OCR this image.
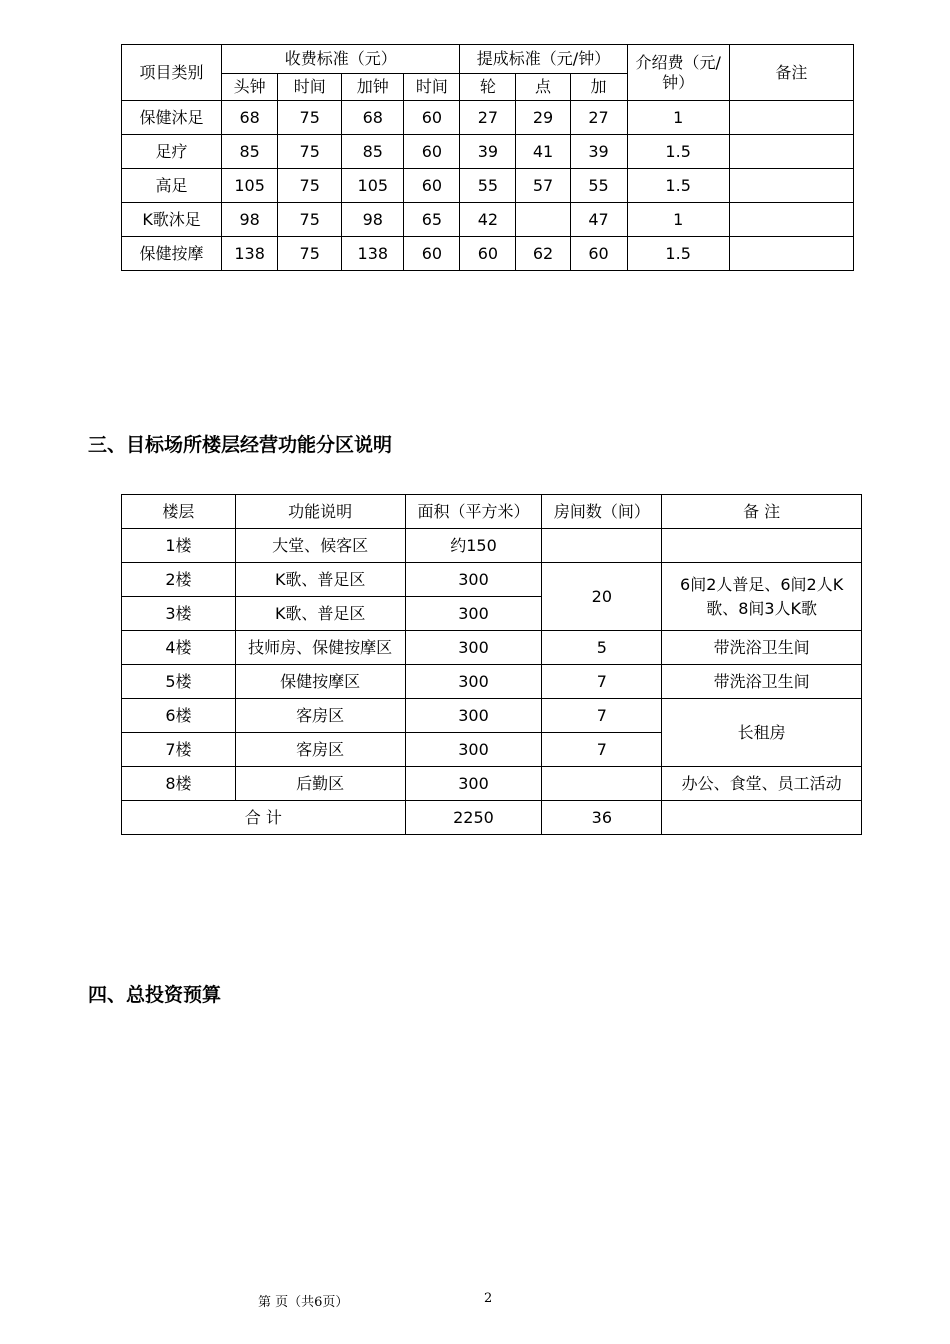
项目类别	收费标准（元）				提成标准（元/钟）			介绍费（元/钟）	备注
	头钟	时间	加钟	时间	轮	点	加		
保健沐足	68	75	68	60	27	29	27	1	
足疗	85	75	85	60	39	41	39	1.5	
高足	105	75	105	60	55	57	55	1.5	
K歌沐足	98	75	98	65	42		47	1	
保健按摩	138	75	138	60	60	62	60	1.5	
三、目标场所楼层经营功能分区说明
楼层	功能说明	面积（平方米）	房间数（间）	备 注
1楼	大堂、候客区	约150		
2楼	K歌、普足区	300	20	6间2人普足、6间2人K歌、8间3人K歌
3楼	K歌、普足区	300		
4楼	技师房、保健按摩区	300	5	带洗浴卫生间
5楼	保健按摩区	300	7	带洗浴卫生间
6楼	客房区	300	7	长租房
7楼	客房区	300	7	
8楼	后勤区	300		办公、食堂、员工活动
合 计		2250	36	
四、总投资预算
第 页（共6页）	2
